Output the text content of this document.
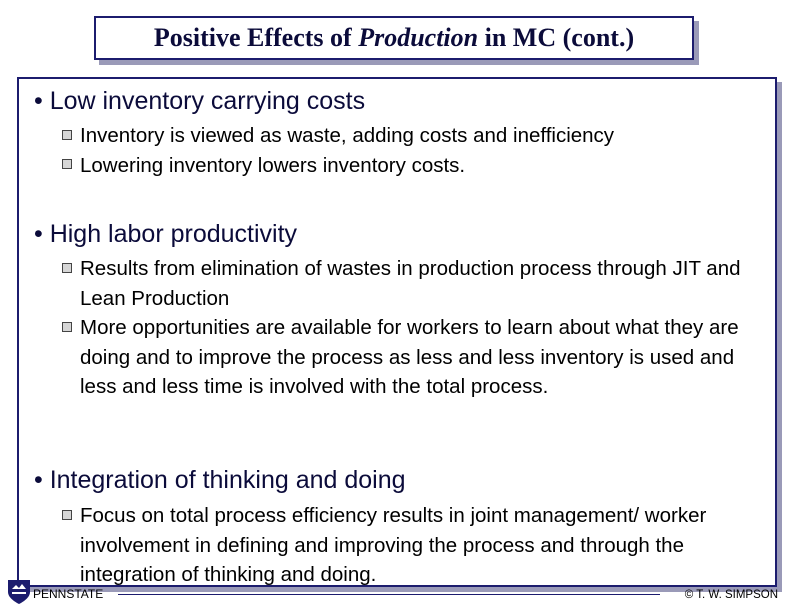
Positive Effects of Production in MC (cont.)
• Low inventory carrying costs
Inventory is viewed as waste, adding costs and inefficiency
Lowering inventory lowers inventory costs.
• High labor productivity
Results from elimination of wastes in production process through JIT and Lean Production
More opportunities are available for workers to learn about what they are doing and to improve the process as less and less inventory is used and less and less time is involved with the total process.
• Integration of thinking and doing
Focus on total process efficiency results in joint management/ worker involvement in defining and improving the process and through the integration of thinking and doing.
PENNSTATE	© T. W. SIMPSON
